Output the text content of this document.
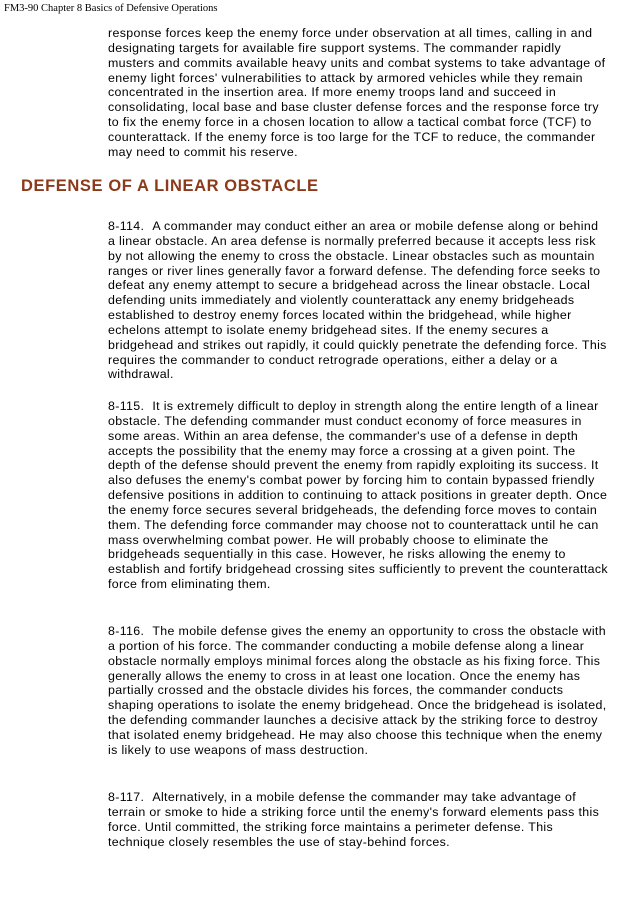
FM3-90 Chapter 8 Basics of Defensive Operations

response forces keep the enemy force under observation at all times, calling in and designating targets for available fire support systems. The commander rapidly musters and commits available heavy units and combat systems to take advantage of enemy light forces' vulnerabilities to attack by armored vehicles while they remain concentrated in the insertion area. If more enemy troops land and succeed in consolidating, local base and base cluster defense forces and the response force try to fix the enemy force in a chosen location to allow a tactical combat force (TCF) to counterattack. If the enemy force is too large for the TCF to reduce, the commander may need to commit his reserve.

DEFENSE OF A LINEAR OBSTACLE

8-114. A commander may conduct either an area or mobile defense along or behind a linear obstacle. An area defense is normally preferred because it accepts less risk by not allowing the enemy to cross the obstacle. Linear obstacles such as mountain ranges or river lines generally favor a forward defense. The defending force seeks to defeat any enemy attempt to secure a bridgehead across the linear obstacle. Local defending units immediately and violently counterattack any enemy bridgeheads established to destroy enemy forces located within the bridgehead, while higher echelons attempt to isolate enemy bridgehead sites. If the enemy secures a bridgehead and strikes out rapidly, it could quickly penetrate the defending force. This requires the commander to conduct retrograde operations, either a delay or a withdrawal.

8-115. It is extremely difficult to deploy in strength along the entire length of a linear obstacle. The defending commander must conduct economy of force measures in some areas. Within an area defense, the commander's use of a defense in depth accepts the possibility that the enemy may force a crossing at a given point. The depth of the defense should prevent the enemy from rapidly exploiting its success. It also defuses the enemy's combat power by forcing him to contain bypassed friendly defensive positions in addition to continuing to attack positions in greater depth. Once the enemy force secures several bridgeheads, the defending force moves to contain them. The defending force commander may choose not to counterattack until he can mass overwhelming combat power. He will probably choose to eliminate the bridgeheads sequentially in this case. However, he risks allowing the enemy to establish and fortify bridgehead crossing sites sufficiently to prevent the counterattack force from eliminating them.

8-116. The mobile defense gives the enemy an opportunity to cross the obstacle with a portion of his force. The commander conducting a mobile defense along a linear obstacle normally employs minimal forces along the obstacle as his fixing force. This generally allows the enemy to cross in at least one location. Once the enemy has partially crossed and the obstacle divides his forces, the commander conducts shaping operations to isolate the enemy bridgehead. Once the bridgehead is isolated, the defending commander launches a decisive attack by the striking force to destroy that isolated enemy bridgehead. He may also choose this technique when the enemy is likely to use weapons of mass destruction.

8-117. Alternatively, in a mobile defense the commander may take advantage of terrain or smoke to hide a striking force until the enemy's forward elements pass this force. Until committed, the striking force maintains a perimeter defense. This technique closely resembles the use of stay-behind forces.
